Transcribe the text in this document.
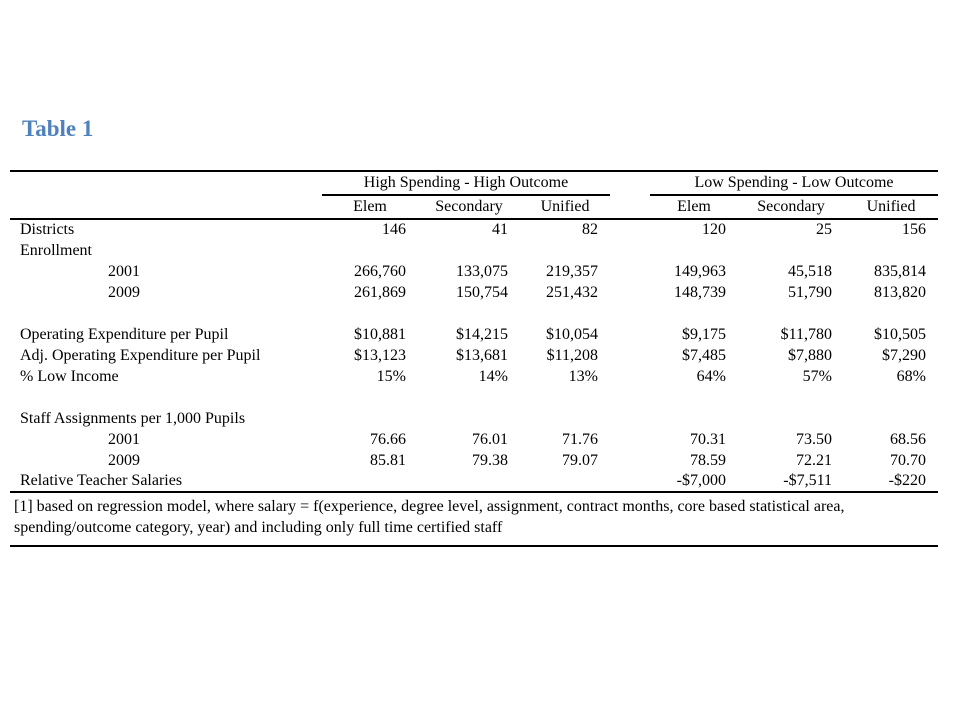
Table 1
	High Spending - High Outcome				Low Spending - Low Outcome		
	Elem	Secondary	Unified		Elem	Secondary	Unified
Districts	146	41	82		120	25	156
Enrollment							
2001	266,760	133,075	219,357		149,963	45,518	835,814
2009	261,869	150,754	251,432		148,739	51,790	813,820

Operating Expenditure per Pupil	$10,881	$14,215	$10,054		$9,175	$11,780	$10,505
Adj. Operating Expenditure per Pupil	$13,123	$13,681	$11,208		$7,485	$7,880	$7,290
% Low Income	15%	14%	13%		64%	57%	68%

Staff Assignments per 1,000 Pupils							
2001	76.66	76.01	71.76		70.31	73.50	68.56
2009	85.81	79.38	79.07		78.59	72.21	70.70
Relative Teacher Salaries					-$7,000	-$7,511	-$220
[1] based on regression model, where salary = f(experience, degree level, assignment, contract months, core based statistical area, spending/outcome category, year) and including only full time certified staff							
